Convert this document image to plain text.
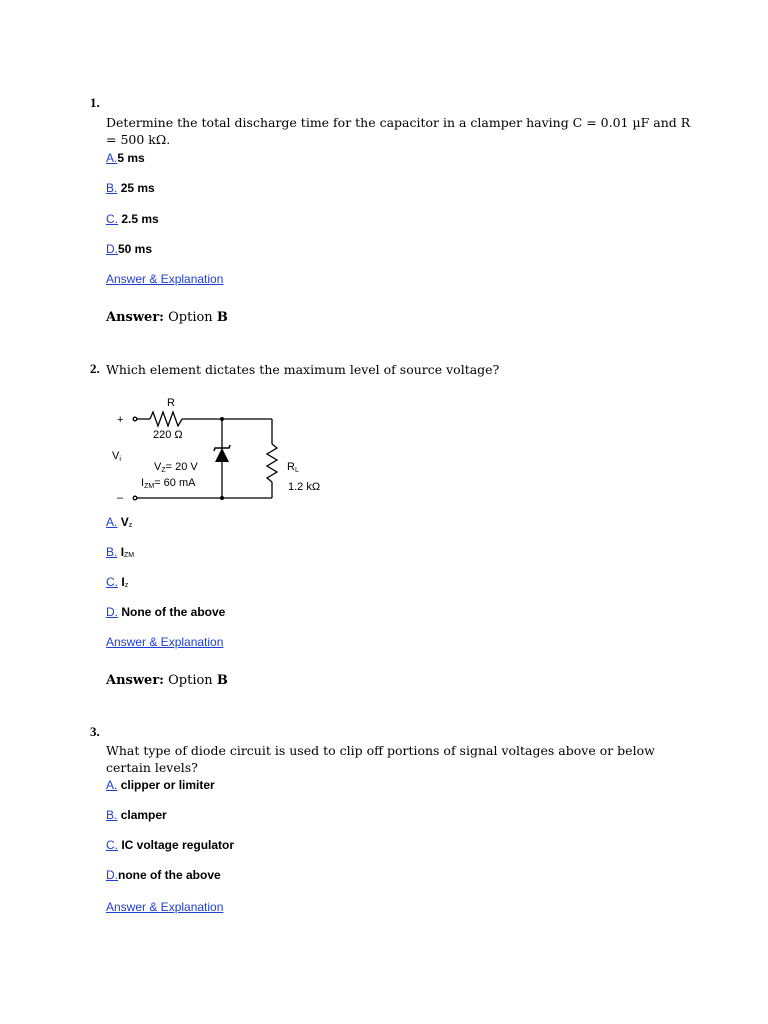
1.
Determine the total discharge time for the capacitor in a clamper having C = 0.01 µF and R = 500 kΩ.
A.5 ms
B. 25 ms
C. 2.5 ms
D.50 ms
Answer & Explanation
Answer: Option B
2. Which element dictates the maximum level of source voltage?
R
220 Ω
+
–
Vi
VZ= 20 V
IZM= 60 mA
RL
1.2 kΩ
A. Vz
B. IZM
C. Iz
D. None of the above
Answer & Explanation
Answer: Option B
3.
What type of diode circuit is used to clip off portions of signal voltages above or below certain levels?
A. clipper or limiter
B. clamper
C. IC voltage regulator
D.none of the above
Answer & Explanation
